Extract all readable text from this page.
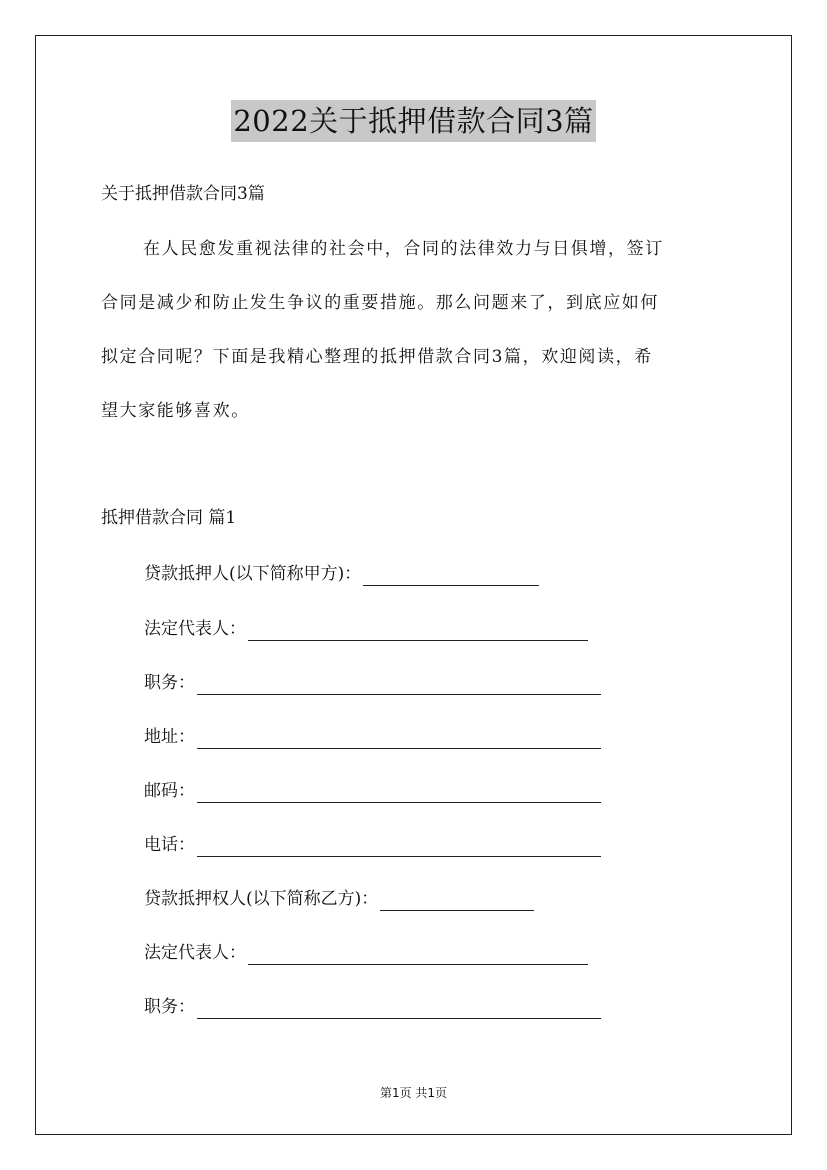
2022关于抵押借款合同3篇
关于抵押借款合同3篇
在人民愈发重视法律的社会中，合同的法律效力与日俱增，签订
合同是减少和防止发生争议的重要措施。那么问题来了，到底应如何
拟定合同呢？下面是我精心整理的抵押借款合同3篇，欢迎阅读，希
望大家能够喜欢。
抵押借款合同 篇1
贷款抵押人(以下简称甲方)：
法定代表人：
职务：
地址：
邮码：
电话：
贷款抵押权人(以下简称乙方)：
法定代表人：
职务：
第1页 共1页
